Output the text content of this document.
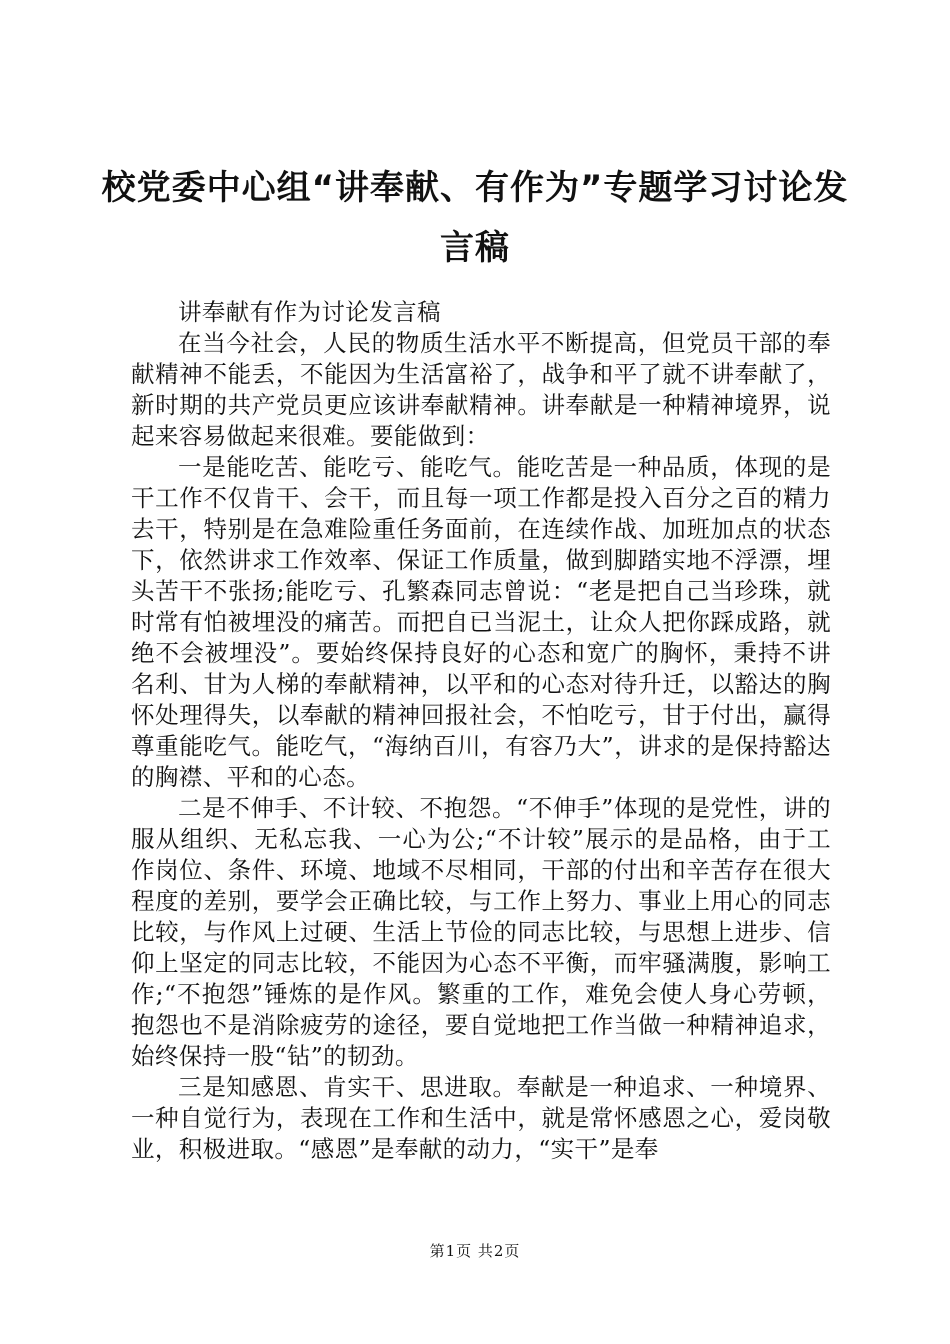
校党委中心组“讲奉献、有作为”专题学习讨论发言稿

讲奉献有作为讨论发言稿

在当今社会，人民的物质生活水平不断提高，但党员干部的奉献精神不能丢，不能因为生活富裕了，战争和平了就不讲奉献了，新时期的共产党员更应该讲奉献精神。讲奉献是一种精神境界，说起来容易做起来很难。要能做到：

一是能吃苦、能吃亏、能吃气。能吃苦是一种品质，体现的是干工作不仅肯干、会干，而且每一项工作都是投入百分之百的精力去干，特别是在急难险重任务面前，在连续作战、加班加点的状态下，依然讲求工作效率、保证工作质量，做到脚踏实地不浮漂，埋头苦干不张扬;能吃亏、孔繁森同志曾说：“老是把自己当珍珠，就时常有怕被埋没的痛苦。而把自已当泥土，让众人把你踩成路，就绝不会被埋没”。要始终保持良好的心态和宽广的胸怀，秉持不讲名利、甘为人梯的奉献精神，以平和的心态对待升迁，以豁达的胸怀处理得失，以奉献的精神回报社会，不怕吃亏，甘于付出，赢得尊重能吃气。能吃气，“海纳百川，有容乃大”，讲求的是保持豁达的胸襟、平和的心态。

二是不伸手、不计较、不抱怨。“不伸手”体现的是党性，讲的服从组织、无私忘我、一心为公;“不计较”展示的是品格，由于工作岗位、条件、环境、地域不尽相同，干部的付出和辛苦存在很大程度的差别，要学会正确比较，与工作上努力、事业上用心的同志比较，与作风上过硬、生活上节俭的同志比较，与思想上进步、信仰上坚定的同志比较，不能因为心态不平衡，而牢骚满腹，影响工作;“不抱怨”锤炼的是作风。繁重的工作，难免会使人身心劳顿，抱怨也不是消除疲劳的途径，要自觉地把工作当做一种精神追求，始终保持一股“钻”的韧劲。

三是知感恩、肯实干、思进取。奉献是一种追求、一种境界、一种自觉行为，表现在工作和生活中，就是常怀感恩之心，爱岗敬业，积极进取。“感恩”是奉献的动力，“实干”是奉

第1页 共2页
